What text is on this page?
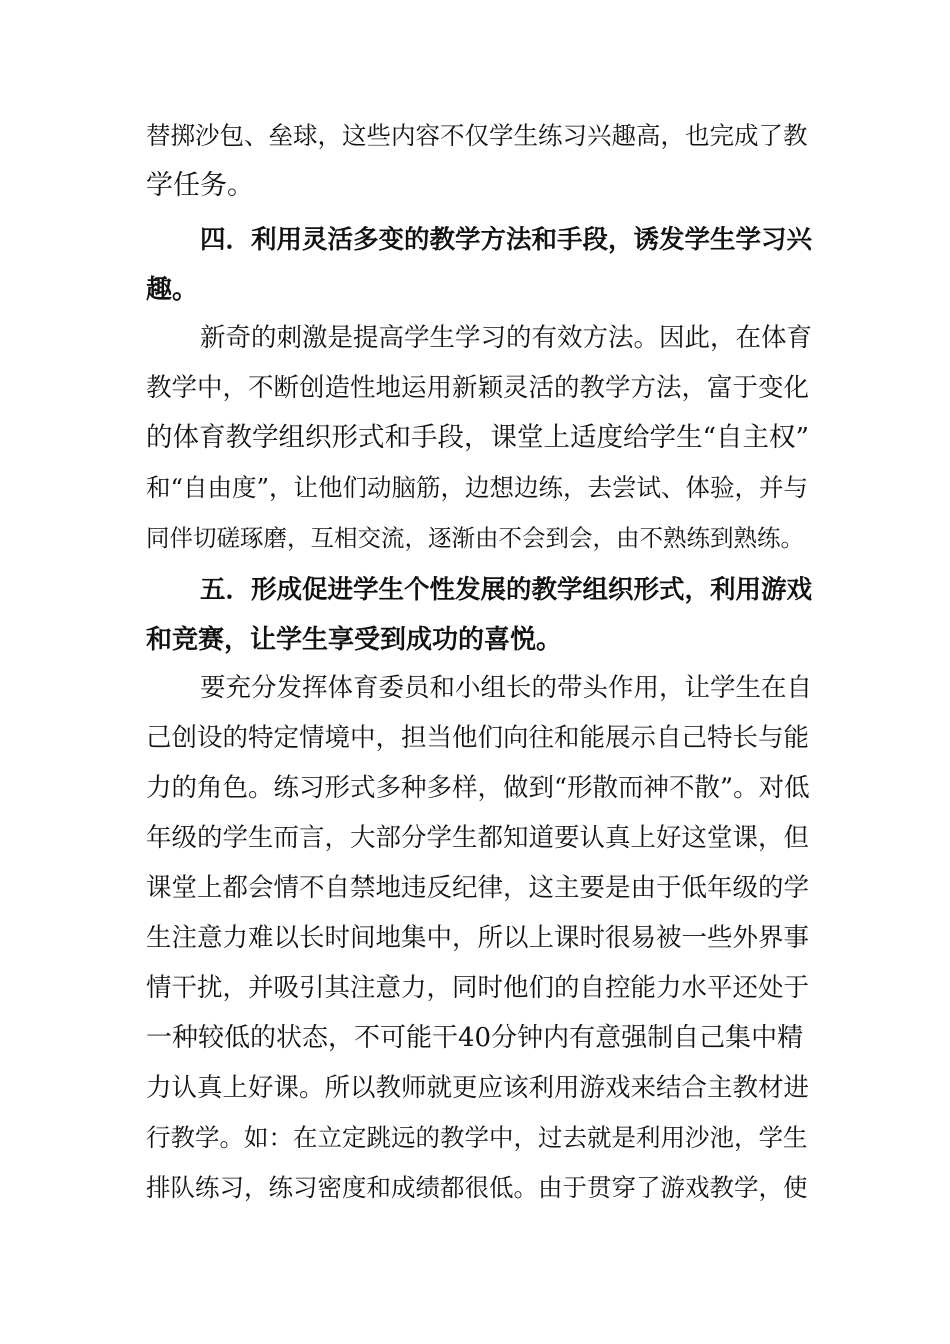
替掷沙包、垒球，这些内容不仅学生练习兴趣高，也完成了教
学任务。
四．利用灵活多变的教学方法和手段，诱发学生学习兴
趣。
新奇的刺激是提高学生学习的有效方法。因此，在体育
教学中，不断创造性地运用新颖灵活的教学方法，富于变化
的体育教学组织形式和手段，课堂上适度给学生“自主权”
和“自由度”，让他们动脑筋，边想边练，去尝试、体验，并与
同伴切磋琢磨，互相交流，逐渐由不会到会，由不熟练到熟练。
五．形成促进学生个性发展的教学组织形式，利用游戏
和竞赛，让学生享受到成功的喜悦。
要充分发挥体育委员和小组长的带头作用，让学生在自
己创设的特定情境中，担当他们向往和能展示自己特长与能
力的角色。练习形式多种多样，做到“形散而神不散”。对低
年级的学生而言，大部分学生都知道要认真上好这堂课，但
课堂上都会情不自禁地违反纪律，这主要是由于低年级的学
生注意力难以长时间地集中，所以上课时很易被一些外界事
情干扰，并吸引其注意力，同时他们的自控能力水平还处于
一种较低的状态，不可能干40分钟内有意强制自己集中精
力认真上好课。所以教师就更应该利用游戏来结合主教材进
行教学。如：在立定跳远的教学中，过去就是利用沙池，学生
排队练习，练习密度和成绩都很低。由于贯穿了游戏教学，使
